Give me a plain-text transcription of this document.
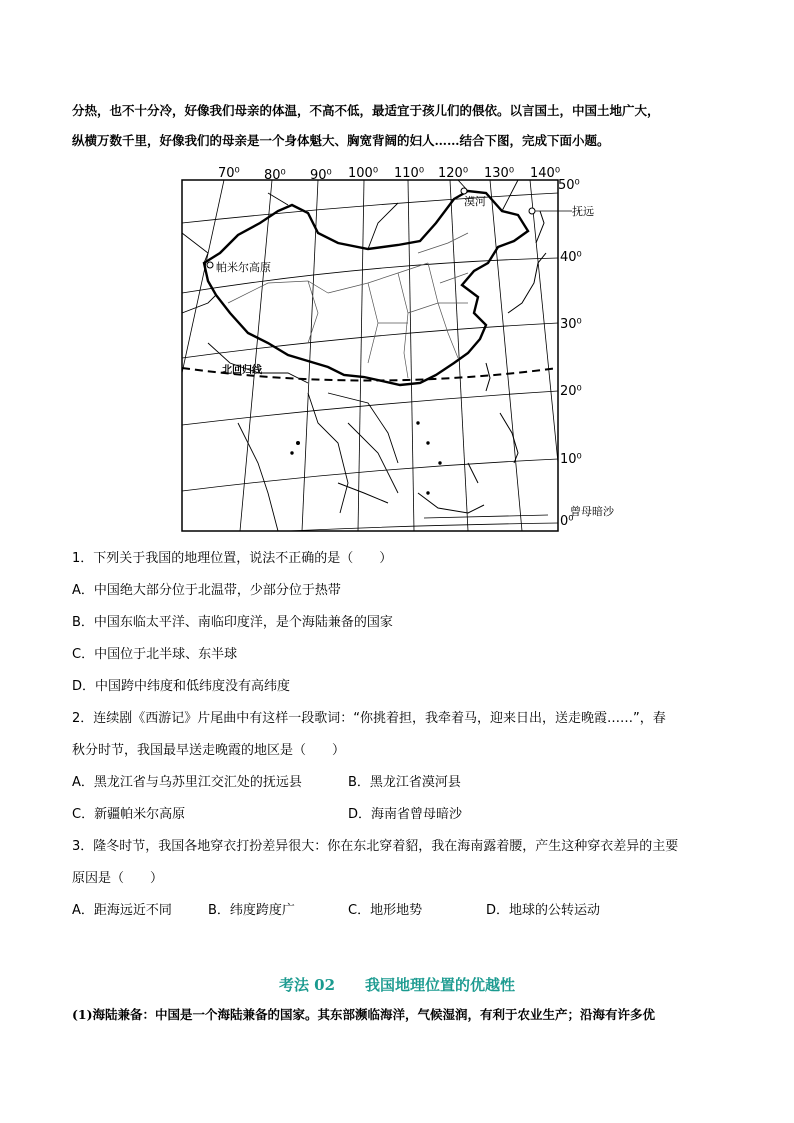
分热，也不十分冷，好像我们母亲的体温，不高不低，最适宜于孩儿们的偎依。以言国土，中国土地广大，

纵横万数千里，好像我们的母亲是一个身体魁大、胸宽背阔的妇人……结合下图，完成下面小题。

70⁰ 80⁰ 90⁰ 100⁰ 110⁰ 120⁰ 130⁰ 140⁰
50⁰
40⁰
30⁰
20⁰
10⁰
0⁰
漠河
抚远
帕米尔高原
北回归线
曾母暗沙
1．下列关于我国的地理位置，说法不正确的是（　　）
A．中国绝大部分位于北温带，少部分位于热带
B．中国东临太平洋、南临印度洋，是个海陆兼备的国家
C．中国位于北半球、东半球
D．中国跨中纬度和低纬度没有高纬度
2．连续剧《西游记》片尾曲中有这样一段歌词：“你挑着担，我牵着马，迎来日出，送走晚霞……”，春
秋分时节，我国最早送走晚霞的地区是（　　）
A．黑龙江省与乌苏里江交汇处的抚远县	B．黑龙江省漠河县
C．新疆帕米尔高原	D．海南省曾母暗沙
3．隆冬时节，我国各地穿衣打扮差异很大：你在东北穿着貂，我在海南露着腰，产生这种穿衣差异的主要
原因是（　　）
A．距海远近不同	B．纬度跨度广	C．地形地势	D．地球的公转运动
考法 02 我国地理位置的优越性
(1)海陆兼备：中国是一个海陆兼备的国家。其东部濒临海洋，气候湿润，有利于农业生产；沿海有许多优
